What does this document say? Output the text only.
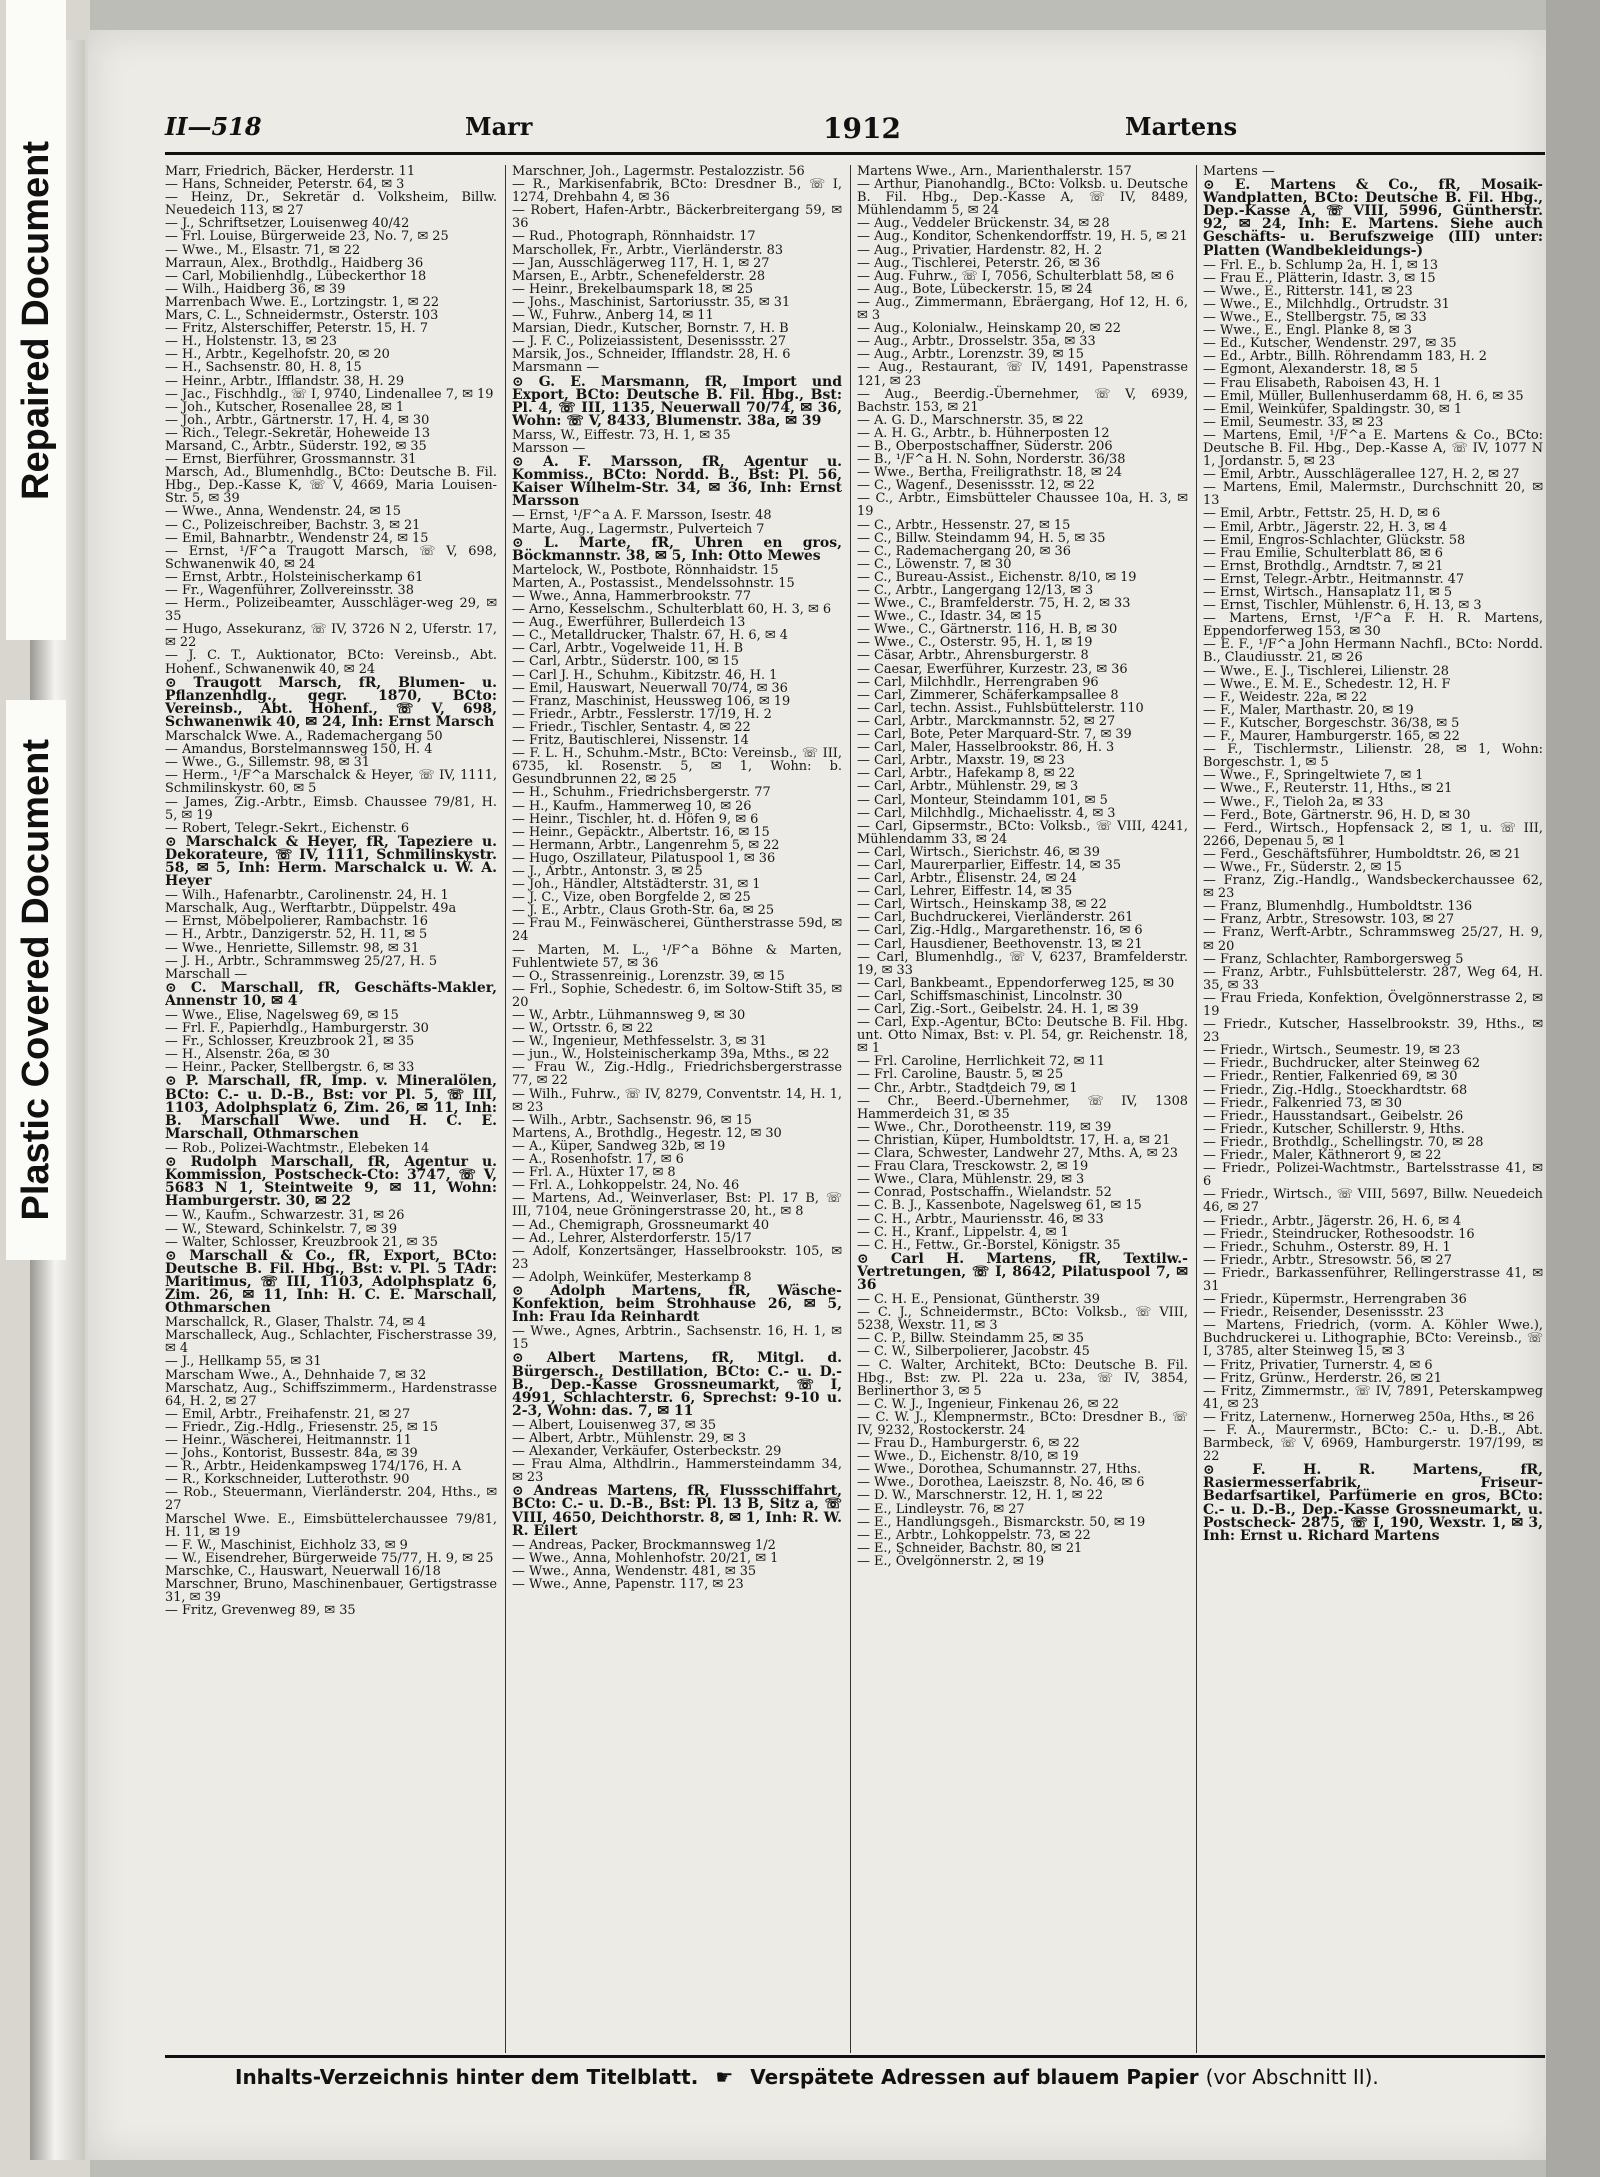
Repaired Document
Plastic Covered Document
II—518	Marr	1912	Martens

Marr, Friedrich, Bäcker, Herderstr. 11

— Hans, Schneider, Peterstr. 64, ✉ 3

— Heinz, Dr., Sekretär d. Volksheim, Billw. Neuedeich 113, ✉ 27

— J., Schriftsetzer, Louisenweg 40/42

— Frl. Louise, Bürgerweide 23, No. 7, ✉ 25

— Wwe., M., Elsastr. 71, ✉ 22

Marraun, Alex., Brothdlg., Haidberg 36

— Carl, Mobilienhdlg., Lübeckerthor 18

— Wilh., Haidberg 36, ✉ 39

Marrenbach Wwe. E., Lortzingstr. 1, ✉ 22

Mars, C. L., Schneidermstr., Osterstr. 103

— Fritz, Alsterschiffer, Peterstr. 15, H. 7

— H., Holstenstr. 13, ✉ 23

— H., Arbtr., Kegelhofstr. 20, ✉ 20

— H., Sachsenstr. 80, H. 8, 15

— Heinr., Arbtr., Ifflandstr. 38, H. 29

— Jac., Fischhdlg., ☏ I, 9740, Lindenallee 7, ✉ 19

— Joh., Kutscher, Rosenallee 28, ✉ 1

— Joh., Arbtr., Gärtnerstr. 17, H. 4, ✉ 30

— Rich., Telegr.-Sekretär, Hoheweide 13

Marsand, C., Arbtr., Süderstr. 192, ✉ 35

— Ernst, Bierführer, Grossmannstr. 31

Marsch, Ad., Blumenhdlg., BCto: Deutsche B. Fil. Hbg., Dep.-Kasse K, ☏ V, 4669, Maria Louisen-Str. 5, ✉ 39

— Wwe., Anna, Wendenstr. 24, ✉ 15

— C., Polizeischreiber, Bachstr. 3, ✉ 21

— Emil, Bahnarbtr., Wendenstr 24, ✉ 15

— Ernst, ¹/F^a Traugott Marsch, ☏ V, 698, Schwanenwik 40, ✉ 24

— Ernst, Arbtr., Holsteinischerkamp 61

— Fr., Wagenführer, Zollvereinsstr. 38

— Herm., Polizeibeamter, Ausschläger-weg 29, ✉ 35

— Hugo, Assekuranz, ☏ IV, 3726 N 2, Uferstr. 17, ✉ 22

— J. C. T., Auktionator, BCto: Vereinsb., Abt. Hohenf., Schwanenwik 40, ✉ 24

⊙ Traugott Marsch, fR, Blumen- u. Pflanzenhdlg., gegr. 1870, BCto: Vereinsb., Abt. Hohenf., ☏ V, 698, Schwanenwik 40, ✉ 24, Inh: Ernst Marsch

Marschalck Wwe. A., Rademachergang 50

— Amandus, Borstelmannsweg 150, H. 4

— Wwe., G., Sillemstr. 98, ✉ 31

— Herm., ¹/F^a Marschalck & Heyer, ☏ IV, 1111, Schmilinskystr. 60, ✉ 5

— James, Zig.-Arbtr., Eimsb. Chaussee 79/81, H. 5, ✉ 19

— Robert, Telegr.-Sekrt., Eichenstr. 6

⊙ Marschalck & Heyer, fR, Tapeziere u. Dekorateure, ☏ IV, 1111, Schmilinskystr. 58, ✉ 5, Inh: Herm. Marschalck u. W. A. Heyer

— Wilh., Hafenarbtr., Carolinenstr. 24, H. 1

Marschalk, Aug., Werftarbtr., Düppelstr. 49a

— Ernst, Möbelpolierer, Rambachstr. 16

— H., Arbtr., Danzigerstr. 52, H. 11, ✉ 5

— Wwe., Henriette, Sillemstr. 98, ✉ 31

— J. H., Arbtr., Schrammsweg 25/27, H. 5

Marschall —

⊙ C. Marschall, fR, Geschäfts-Makler, Annenstr 10, ✉ 4

— Wwe., Elise, Nagelsweg 69, ✉ 15

— Frl. F., Papierhdlg., Hamburgerstr. 30

— Fr., Schlosser, Kreuzbrook 21, ✉ 35

— H., Alsenstr. 26a, ✉ 30

— Heinr., Packer, Stellbergstr. 6, ✉ 33

⊙ P. Marschall, fR, Imp. v. Mineralölen, BCto: C.- u. D.-B., Bst: vor Pl. 5, ☏ III, 1103, Adolphsplatz 6, Zim. 26, ✉ 11, Inh: B. Marschall Wwe. und H. C. E. Marschall, Othmarschen

— Rob., Polizei-Wachtmstr., Elebeken 14

⊙ Rudolph Marschall, fR, Agentur u. Kommission, Postscheck-Cto: 3747, ☏ V, 5683 N 1, Steintweite 9, ✉ 11, Wohn: Hamburgerstr. 30, ✉ 22

— W., Kaufm., Schwarzestr. 31, ✉ 26

— W., Steward, Schinkelstr. 7, ✉ 39

— Walter, Schlosser, Kreuzbrook 21, ✉ 35

⊙ Marschall & Co., fR, Export, BCto: Deutsche B. Fil. Hbg., Bst: v. Pl. 5 TAdr: Maritimus, ☏ III, 1103, Adolphsplatz 6, Zim. 26, ✉ 11, Inh: H. C. E. Marschall, Othmarschen

Marschallck, R., Glaser, Thalstr. 74, ✉ 4

Marschalleck, Aug., Schlachter, Fischerstrasse 39, ✉ 4

— J., Hellkamp 55, ✉ 31

Marscham Wwe., A., Dehnhaide 7, ✉ 32

Marschatz, Aug., Schiffszimmerm., Hardenstrasse 64, H. 2, ✉ 27

— Emil, Arbtr., Freihafenstr. 21, ✉ 27

— Friedr., Zig.-Hdlg., Friesenstr. 25, ✉ 15

— Heinr., Wäscherei, Heitmannstr. 11

— Johs., Kontorist, Bussestr. 84a, ✉ 39

— R., Arbtr., Heidenkampsweg 174/176, H. A

— R., Korkschneider, Lutterothstr. 90

— Rob., Steuermann, Vierländerstr. 204, Hths., ✉ 27

Marschel Wwe. E., Eimsbüttelerchaussee 79/81, H. 11, ✉ 19

— F. W., Maschinist, Eichholz 33, ✉ 9

— W., Eisendreher, Bürgerweide 75/77, H. 9, ✉ 25

Marschke, C., Hauswart, Neuerwall 16/18

Marschner, Bruno, Maschinenbauer, Gertigstrasse 31, ✉ 39

— Fritz, Grevenweg 89, ✉ 35

Marschner, Joh., Lagermstr. Pestalozzistr. 56

— R., Markisenfabrik, BCto: Dresdner B., ☏ I, 1274, Drehbahn 4, ✉ 36

— Robert, Hafen-Arbtr., Bäckerbreitergang 59, ✉ 36

— Rud., Photograph, Rönnhaidstr. 17

Marschollek, Fr., Arbtr., Vierländerstr. 83

— Jan, Ausschlägerweg 117, H. 1, ✉ 27

Marsen, E., Arbtr., Schenefelderstr. 28

— Heinr., Brekelbaumspark 18, ✉ 25

— Johs., Maschinist, Sartoriusstr. 35, ✉ 31

— W., Fuhrw., Anberg 14, ✉ 11

Marsian, Diedr., Kutscher, Bornstr. 7, H. B

— J. F. C., Polizeiassistent, Desenissstr. 27

Marsik, Jos., Schneider, Ifflandstr. 28, H. 6

Marsmann —

⊙ G. E. Marsmann, fR, Import und Export, BCto: Deutsche B. Fil. Hbg., Bst: Pl. 4, ☏ III, 1135, Neuerwall 70/74, ✉ 36, Wohn: ☏ V, 8433, Blumenstr. 38a, ✉ 39

Marss, W., Eiffestr. 73, H. 1, ✉ 35

Marsson —

⊙ A. F. Marsson, fR, Agentur u. Kommiss., BCto: Nordd. B., Bst: Pl. 56, Kaiser Wilhelm-Str. 34, ✉ 36, Inh: Ernst Marsson

— Ernst, ¹/F^a A. F. Marsson, Isestr. 48

Marte, Aug., Lagermstr., Pulverteich 7

⊙ L. Marte, fR, Uhren en gros, Böckmannstr. 38, ✉ 5, Inh: Otto Mewes

Martelock, W., Postbote, Rönnhaidstr. 15

Marten, A., Postassist., Mendelssohnstr. 15

— Wwe., Anna, Hammerbrookstr. 77

— Arno, Kesselschm., Schulterblatt 60, H. 3, ✉ 6

— Aug., Ewerführer, Bullerdeich 13

— C., Metalldrucker, Thalstr. 67, H. 6, ✉ 4

— Carl, Arbtr., Vogelweide 11, H. B

— Carl, Arbtr., Süderstr. 100, ✉ 15

— Carl J. H., Schuhm., Kibitzstr. 46, H. 1

— Emil, Hauswart, Neuerwall 70/74, ✉ 36

— Franz, Maschinist, Heussweg 106, ✉ 19

— Friedr., Arbtr., Fesslerstr. 17/19, H. 2

— Friedr., Tischler, Sentastr. 4, ✉ 22

— Fritz, Bautischlerei, Nissenstr. 14

— F. L. H., Schuhm.-Mstr., BCto: Vereinsb., ☏ III, 6735, kl. Rosenstr. 5, ✉ 1, Wohn: b. Gesundbrunnen 22, ✉ 25

— H., Schuhm., Friedrichsbergerstr. 77

— H., Kaufm., Hammerweg 10, ✉ 26

— Heinr., Tischler, ht. d. Höfen 9, ✉ 6

— Heinr., Gepäcktr., Albertstr. 16, ✉ 15

— Hermann, Arbtr., Langenrehm 5, ✉ 22

— Hugo, Oszillateur, Pilatuspool 1, ✉ 36

— J., Arbtr., Antonstr. 3, ✉ 25

— Joh., Händler, Altstädterstr. 31, ✉ 1

— J. C., Vize, oben Borgfelde 2, ✉ 25

— J. E., Arbtr., Claus Groth-Str. 6a, ✉ 25

— Frau M., Feinwäscherei, Güntherstrasse 59d, ✉ 24

— Marten, M. L., ¹/F^a Böhne & Marten, Fuhlentwiete 57, ✉ 36

— O., Strassenreinig., Lorenzstr. 39, ✉ 15

— Frl., Sophie, Schedestr. 6, im Soltow-Stift 35, ✉ 20

— W., Arbtr., Lühmannsweg 9, ✉ 30

— W., Ortsstr. 6, ✉ 22

— W., Ingenieur, Methfesselstr. 3, ✉ 31

— jun., W., Holsteinischerkamp 39a, Mths., ✉ 22

— Frau W., Zig.-Hdlg., Friedrichsbergerstrasse 77, ✉ 22

— Wilh., Fuhrw., ☏ IV, 8279, Conventstr. 14, H. 1, ✉ 23

— Wilh., Arbtr., Sachsenstr. 96, ✉ 15

Martens, A., Brothdlg., Hegestr. 12, ✉ 30

— A., Küper, Sandweg 32b, ✉ 19

— A., Rosenhofstr. 17, ✉ 6

— Frl. A., Hüxter 17, ✉ 8

— Frl. A., Lohkoppelstr. 24, No. 46

— Martens, Ad., Weinverlaser, Bst: Pl. 17 B, ☏ III, 7104, neue Gröningerstrasse 20, ht., ✉ 8

— Ad., Chemigraph, Grossneumarkt 40

— Ad., Lehrer, Alsterdorferstr. 15/17

— Adolf, Konzertsänger, Hasselbrookstr. 105, ✉ 23

— Adolph, Weinküfer, Mesterkamp 8

⊙ Adolph Martens, fR, Wäsche-Konfektion, beim Strohhause 26, ✉ 5, Inh: Frau Ida Reinhardt

— Wwe., Agnes, Arbtrin., Sachsenstr. 16, H. 1, ✉ 15

⊙ Albert Martens, fR, Mitgl. d. Bürgersch., Destillation, BCto: C.- u. D.-B., Dep.-Kasse Grossneumarkt, ☏ I, 4991, Schlachterstr. 6, Sprechst: 9-10 u. 2-3, Wohn: das. 7, ✉ 11

— Albert, Louisenweg 37, ✉ 35

— Albert, Arbtr., Mühlenstr. 29, ✉ 3

— Alexander, Verkäufer, Osterbeckstr. 29

— Frau Alma, Althdlrin., Hammersteindamm 34, ✉ 23

⊙ Andreas Martens, fR, Flussschiffahrt, BCto: C.- u. D.-B., Bst: Pl. 13 B, Sitz a, ☏ VIII, 4650, Deichthorstr. 8, ✉ 1, Inh: R. W. R. Eilert

— Andreas, Packer, Brockmannsweg 1/2

— Wwe., Anna, Mohlenhofstr. 20/21, ✉ 1

— Wwe., Anna, Wendenstr. 481, ✉ 35

— Wwe., Anne, Papenstr. 117, ✉ 23

Martens Wwe., Arn., Marienthalerstr. 157

— Arthur, Pianohandlg., BCto: Volksb. u. Deutsche B. Fil. Hbg., Dep.-Kasse A, ☏ IV, 8489, Mühlendamm 5, ✉ 24

— Aug., Veddeler Brückenstr. 34, ✉ 28

— Aug., Konditor, Schenkendorffstr. 19, H. 5, ✉ 21

— Aug., Privatier, Hardenstr. 82, H. 2

— Aug., Tischlerei, Peterstr. 26, ✉ 36

— Aug. Fuhrw., ☏ I, 7056, Schulterblatt 58, ✉ 6

— Aug., Bote, Lübeckerstr. 15, ✉ 24

— Aug., Zimmermann, Ebräergang, Hof 12, H. 6, ✉ 3

— Aug., Kolonialw., Heinskamp 20, ✉ 22

— Aug., Arbtr., Drosselstr. 35a, ✉ 33

— Aug., Arbtr., Lorenzstr. 39, ✉ 15

— Aug., Restaurant, ☏ IV, 1491, Papenstrasse 121, ✉ 23

— Aug., Beerdig.-Übernehmer, ☏ V, 6939, Bachstr. 153, ✉ 21

— A. G. D., Marschnerstr. 35, ✉ 22

— A. H. G., Arbtr., b. Hühnerposten 12

— B., Oberpostschaffner, Süderstr. 206

— B., ¹/F^a H. N. Sohn, Norderstr. 36/38

— Wwe., Bertha, Freiligrathstr. 18, ✉ 24

— C., Wagenf., Desenissstr. 12, ✉ 22

— C., Arbtr., Eimsbütteler Chaussee 10a, H. 3, ✉ 19

— C., Arbtr., Hessenstr. 27, ✉ 15

— C., Billw. Steindamm 94, H. 5, ✉ 35

— C., Rademachergang 20, ✉ 36

— C., Löwenstr. 7, ✉ 30

— C., Bureau-Assist., Eichenstr. 8/10, ✉ 19

— C., Arbtr., Langergang 12/13, ✉ 3

— Wwe., C., Bramfelderstr. 75, H. 2, ✉ 33

— Wwe., C., Idastr. 34, ✉ 15

— Wwe., C., Gärtnerstr. 116, H. B, ✉ 30

— Wwe., C., Osterstr. 95, H. 1, ✉ 19

— Cäsar, Arbtr., Ahrensburgerstr. 8

— Caesar, Ewerführer, Kurzestr. 23, ✉ 36

— Carl, Milchhdlr., Herrengraben 96

— Carl, Zimmerer, Schäferkampsallee 8

— Carl, techn. Assist., Fuhlsbüttelerstr. 110

— Carl, Arbtr., Marckmannstr. 52, ✉ 27

— Carl, Bote, Peter Marquard-Str. 7, ✉ 39

— Carl, Maler, Hasselbrookstr. 86, H. 3

— Carl, Arbtr., Maxstr. 19, ✉ 23

— Carl, Arbtr., Hafekamp 8, ✉ 22

— Carl, Arbtr., Mühlenstr. 29, ✉ 3

— Carl, Monteur, Steindamm 101, ✉ 5

— Carl, Milchhdlg., Michaelisstr. 4, ✉ 3

— Carl, Gipsermstr., BCto: Volksb., ☏ VIII, 4241, Mühlendamm 33, ✉ 24

— Carl, Wirtsch., Sierichstr. 46, ✉ 39

— Carl, Maurerparlier, Eiffestr. 14, ✉ 35

— Carl, Arbtr., Elisenstr. 24, ✉ 24

— Carl, Lehrer, Eiffestr. 14, ✉ 35

— Carl, Wirtsch., Heinskamp 38, ✉ 22

— Carl, Buchdruckerei, Vierländerstr. 261

— Carl, Zig.-Hdlg., Margarethenstr. 16, ✉ 6

— Carl, Hausdiener, Beethovenstr. 13, ✉ 21

— Carl, Blumenhdlg., ☏ V, 6237, Bramfelderstr. 19, ✉ 33

— Carl, Bankbeamt., Eppendorferweg 125, ✉ 30

— Carl, Schiffsmaschinist, Lincolnstr. 30

— Carl, Zig.-Sort., Geibelstr. 24. H. 1, ✉ 39

— Carl, Exp.-Agentur, BCto: Deutsche B. Fil. Hbg. unt. Otto Nimax, Bst: v. Pl. 54, gr. Reichenstr. 18, ✉ 1

— Frl. Caroline, Herrlichkeit 72, ✉ 11

— Frl. Caroline, Baustr. 5, ✉ 25

— Chr., Arbtr., Stadtdeich 79, ✉ 1

— Chr., Beerd.-Übernehmer, ☏ IV, 1308 Hammerdeich 31, ✉ 35

— Wwe., Chr., Dorotheenstr. 119, ✉ 39

— Christian, Küper, Humboldtstr. 17, H. a, ✉ 21

— Clara, Schwester, Landwehr 27, Mths. A, ✉ 23

— Frau Clara, Tresckowstr. 2, ✉ 19

— Wwe., Clara, Mühlenstr. 29, ✉ 3

— Conrad, Postschaffn., Wielandstr. 52

— C. B. J., Kassenbote, Nagelsweg 61, ✉ 15

— C. H., Arbtr., Mauriensstr. 46, ✉ 33

— C. H., Kranf., Lippelstr. 4, ✉ 1

— C. H., Fettw., Gr.-Borstel, Königstr. 35

⊙ Carl H. Martens, fR, Textilw.-Vertretungen, ☏ I, 8642, Pilatuspool 7, ✉ 36

— C. H. E., Pensionat, Güntherstr. 39

— C. J., Schneidermstr., BCto: Volksb., ☏ VIII, 5238, Wexstr. 11, ✉ 3

— C. P., Billw. Steindamm 25, ✉ 35

— C. W., Silberpolierer, Jacobstr. 45

— C. Walter, Architekt, BCto: Deutsche B. Fil. Hbg., Bst: zw. Pl. 22a u. 23a, ☏ IV, 3854, Berlinerthor 3, ✉ 5

— C. W. J., Ingenieur, Finkenau 26, ✉ 22

— C. W. J., Klempnermstr., BCto: Dresdner B., ☏ IV, 9232, Rostockerstr. 24

— Frau D., Hamburgerstr. 6, ✉ 22

— Wwe., D., Eichenstr. 8/10, ✉ 19

— Wwe., Dorothea, Schumannstr. 27, Hths.

— Wwe., Dorothea, Laeiszstr. 8, No. 46, ✉ 6

— D. W., Marschnerstr. 12, H. 1, ✉ 22

— E., Lindleystr. 76, ✉ 27

— E., Handlungsgeh., Bismarckstr. 50, ✉ 19

— E., Arbtr., Lohkoppelstr. 73, ✉ 22

— E., Schneider, Bachstr. 80, ✉ 21

— E., Övelgönnerstr. 2, ✉ 19

Martens —

⊙ E. Martens & Co., fR, Mosaik-Wandplatten, BCto: Deutsche B. Fil. Hbg., Dep.-Kasse A, ☏ VIII, 5996, Güntherstr. 92, ✉ 24, Inh: E. Martens. Siehe auch Geschäfts- u. Berufszweige (III) unter: Platten (Wandbekleidungs-)

— Frl. E., b. Schlump 2a, H. 1, ✉ 13

— Frau E., Plätterin, Idastr. 3, ✉ 15

— Wwe., E., Ritterstr. 141, ✉ 23

— Wwe., E., Milchhdlg., Ortrudstr. 31

— Wwe., E., Stellbergstr. 75, ✉ 33

— Wwe., E., Engl. Planke 8, ✉ 3

— Ed., Kutscher, Wendenstr. 297, ✉ 35

— Ed., Arbtr., Billh. Röhrendamm 183, H. 2

— Egmont, Alexanderstr. 18, ✉ 5

— Frau Elisabeth, Raboisen 43, H. 1

— Emil, Müller, Bullenhuserdamm 68, H. 6, ✉ 35

— Emil, Weinküfer, Spaldingstr. 30, ✉ 1

— Emil, Seumestr. 33, ✉ 23

— Martens, Emil, ¹/F^a E. Martens & Co., BCto: Deutsche B. Fil. Hbg., Dep.-Kasse A, ☏ IV, 1077 N 1, Jordanstr. 5, ✉ 23

— Emil, Arbtr., Ausschlägerallee 127, H. 2, ✉ 27

— Martens, Emil, Malermstr., Durchschnitt 20, ✉ 13

— Emil, Arbtr., Fettstr. 25, H. D, ✉ 6

— Emil, Arbtr., Jägerstr. 22, H. 3, ✉ 4

— Emil, Engros-Schlachter, Glückstr. 58

— Frau Emilie, Schulterblatt 86, ✉ 6

— Ernst, Brothdlg., Arndtstr. 7, ✉ 21

— Ernst, Telegr.-Arbtr., Heitmannstr. 47

— Ernst, Wirtsch., Hansaplatz 11, ✉ 5

— Ernst, Tischler, Mühlenstr. 6, H. 13, ✉ 3

— Martens, Ernst, ¹/F^a F. H. R. Martens, Eppendorferweg 153, ✉ 30

— E. F., ¹/F^a John Hermann Nachfl., BCto: Nordd. B., Claudiusstr. 21, ✉ 26

— Wwe., E. J., Tischlerei, Lilienstr. 28

— Wwe., E. M. E., Schedestr. 12, H. F

— F., Weidestr. 22a, ✉ 22

— F., Maler, Marthastr. 20, ✉ 19

— F., Kutscher, Borgeschstr. 36/38, ✉ 5

— F., Maurer, Hamburgerstr. 165, ✉ 22

— F., Tischlermstr., Lilienstr. 28, ✉ 1, Wohn: Borgeschstr. 1, ✉ 5

— Wwe., F., Springeltwiete 7, ✉ 1

— Wwe., F., Reuterstr. 11, Hths., ✉ 21

— Wwe., F., Tieloh 2a, ✉ 33

— Ferd., Bote, Gärtnerstr. 96, H. D, ✉ 30

— Ferd., Wirtsch., Hopfensack 2, ✉ 1, u. ☏ III, 2266, Depenau 5, ✉ 1

— Ferd., Geschäftsführer, Humboldtstr. 26, ✉ 21

— Wwe., Fr., Süderstr. 2, ✉ 15

— Franz, Zig.-Handlg., Wandsbeckerchaussee 62, ✉ 23

— Franz, Blumenhdlg., Humboldtstr. 136

— Franz, Arbtr., Stresowstr. 103, ✉ 27

— Franz, Werft-Arbtr., Schrammsweg 25/27, H. 9, ✉ 20

— Franz, Schlachter, Ramborgersweg 5

— Franz, Arbtr., Fuhlsbüttelerstr. 287, Weg 64, H. 35, ✉ 33

— Frau Frieda, Konfektion, Övelgönnerstrasse 2, ✉ 19

— Friedr., Kutscher, Hasselbrookstr. 39, Hths., ✉ 23

— Friedr., Wirtsch., Seumestr. 19, ✉ 23

— Friedr., Buchdrucker, alter Steinweg 62

— Friedr., Rentier, Falkenried 69, ✉ 30

— Friedr., Zig.-Hdlg., Stoeckhardtstr. 68

— Friedr., Falkenried 73, ✉ 30

— Friedr., Hausstandsart., Geibelstr. 26

— Friedr., Kutscher, Schillerstr. 9, Hths.

— Friedr., Brothdlg., Schellingstr. 70, ✉ 28

— Friedr., Maler, Käthnerort 9, ✉ 22

— Friedr., Polizei-Wachtmstr., Bartelsstrasse 41, ✉ 6

— Friedr., Wirtsch., ☏ VIII, 5697, Billw. Neuedeich 46, ✉ 27

— Friedr., Arbtr., Jägerstr. 26, H. 6, ✉ 4

— Friedr., Steindrucker, Rothesoodstr. 16

— Friedr., Schuhm., Osterstr. 89, H. 1

— Friedr., Arbtr., Stresowstr. 56, ✉ 27

— Friedr., Barkassenführer, Rellingerstrasse 41, ✉ 31

— Friedr., Küpermstr., Herrengraben 36

— Friedr., Reisender, Desenissstr. 23

— Martens, Friedrich, (vorm. A. Köhler Wwe.), Buchdruckerei u. Lithographie, BCto: Vereinsb., ☏ I, 3785, alter Steinweg 15, ✉ 3

— Fritz, Privatier, Turnerstr. 4, ✉ 6

— Fritz, Grünw., Herderstr. 26, ✉ 21

— Fritz, Zimmermstr., ☏ IV, 7891, Peterskampweg 41, ✉ 23

— Fritz, Laternenw., Hornerweg 250a, Hths., ✉ 26

— F. A., Maurermstr., BCto: C.- u. D.-B., Abt. Barmbeck, ☏ V, 6969, Hamburgerstr. 197/199, ✉ 22

⊙ F. H. R. Martens, fR, Rasiermesserfabrik, Friseur-Bedarfsartikel, Parfümerie en gros, BCto: C.- u. D.-B., Dep.-Kasse Grossneumarkt, u. Postscheck- 2875, ☏ I, 190, Wexstr. 1, ✉ 3, Inh: Ernst u. Richard Martens

Inhalts-Verzeichnis hinter dem Titelblatt. ☛ Verspätete Adressen auf blauem Papier (vor Abschnitt II).
